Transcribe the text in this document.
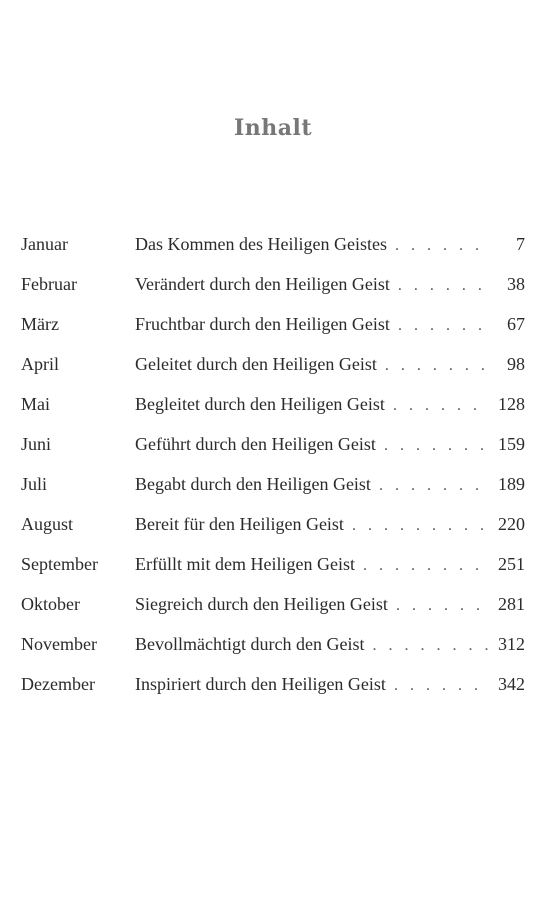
Inhalt
Januar	Das Kommen des Heiligen Geistes . . .	7
Februar	Verändert durch den Heiligen Geist . . .	38
März	Fruchtbar durch den Heiligen Geist . . .	67
April	Geleitet durch den Heiligen Geist . . .	98
Mai	Begleitet durch den Heiligen Geist . . .	128
Juni	Geführt durch den Heiligen Geist . . .	159
Juli	Begabt durch den Heiligen Geist . . .	189
August	Bereit für den Heiligen Geist . . .	220
September	Erfüllt mit dem Heiligen Geist . . .	251
Oktober	Siegreich durch den Heiligen Geist . . .	281
November	Bevollmächtigt durch den Geist . . .	312
Dezember	Inspiriert durch den Heiligen Geist . . .	342
